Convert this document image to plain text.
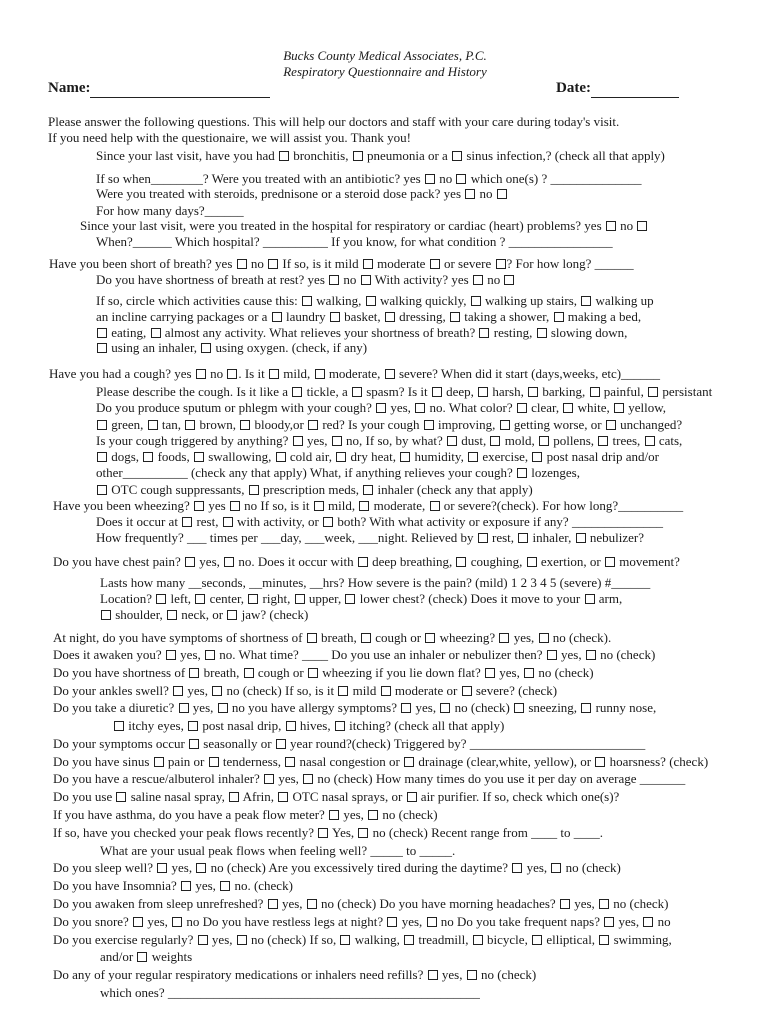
Bucks County Medical Associates, P.C.
Respiratory Questionnaire and History
Name:	Date:
Please answer the following questions. This will help our doctors and staff with your care during today's visit.
If you need help with the questionaire, we will assist you. Thank you!
Since your last visit, have you had  bronchitis,  pneumonia or a  sinus infection,? (check all that apply)
If so when________? Were you treated with an antibiotic? yes  no  which one(s) ? ______________
Were you treated with steroids, prednisone or a steroid dose pack? yes  no
For how many days?______
Since your last visit, were you treated in the hospital for respiratory or cardiac (heart) problems? yes  no
When?______ Which hospital? __________ If you know, for what condition ? ________________
Have you been short of breath? yes  no  If so, is it mild  moderate  or severe ? For how long? ______
Do you have shortness of breath at rest? yes  no  With activity? yes  no
If so, circle which activities cause this:  walking,  walking quickly,  walking up stairs,  walking up
an incline carrying packages or a  laundry  basket,  dressing,  taking a shower,  making a bed,
eating,  almost any activity. What relieves your shortness of breath?  resting,  slowing down,
using an inhaler,  using oxygen. (check, if any)
Have you had a cough? yes  no . Is it  mild,  moderate,  severe? When did it start (days,weeks, etc)______
Please describe the cough. Is it like a  tickle, a  spasm? Is it  deep,  harsh,  barking,  painful,  persistant
Do you produce sputum or phlegm with your cough?  yes,  no. What color?  clear,  white,  yellow,
green,  tan,  brown,  bloody,or  red? Is your cough  improving,  getting worse, or  unchanged?
Is your cough triggered by anything?  yes,  no, If so, by what?  dust,  mold,  pollens,  trees,  cats,
dogs,  foods,  swallowing,  cold air,  dry heat,  humidity,  exercise,  post nasal drip and/or
other__________ (check any that apply) What, if anything relieves your cough?  lozenges,
OTC cough suppressants,  prescription meds,  inhaler (check any that apply)
Have you been wheezing?  yes  no If so, is it  mild,  moderate,  or severe?(check). For how long?__________
Does it occur at  rest,  with activity, or  both? With what activity or exposure if any? ______________
How frequently? ___ times per ___day, ___week, ___night. Relieved by  rest,  inhaler,  nebulizer?
Do you have chest pain?  yes,  no. Does it occur with  deep breathing,  coughing,  exertion, or  movement?
Lasts how many __seconds, __minutes, __hrs? How severe is the pain? (mild) 1 2 3 4 5 (severe) #______
Location?  left,  center,  right,  upper,  lower chest? (check) Does it move to your  arm,
shoulder,  neck, or  jaw? (check)
At night, do you have symptoms of shortness of  breath,  cough or  wheezing?  yes,  no (check).
Does it awaken you?  yes,  no. What time? ____ Do you use an inhaler or nebulizer then?  yes,  no (check)
Do you have shortness of  breath,  cough or  wheezing if you lie down flat?  yes,  no (check)
Do your ankles swell?  yes,  no (check) If so, is it  mild  moderate or  severe? (check)
Do you take a diuretic?  yes,  no you have allergy symptoms?  yes,  no (check)  sneezing,  runny nose,
itchy eyes,  post nasal drip,  hives,  itching? (check all that apply)
Do your symptoms occur  seasonally or  year round?(check) Triggered by? ___________________________
Do you have sinus  pain or  tenderness,  nasal congestion or  drainage (clear,white, yellow), or  hoarsness? (check)
Do you have a rescue/albuterol inhaler?  yes,  no (check) How many times do you use it per day on average _______
Do you use  saline nasal spray,  Afrin,  OTC nasal sprays, or  air purifier. If so, check which one(s)?
If you have asthma, do you have a peak flow meter?  yes,  no (check)
If so, have you checked your peak flows recently?  Yes,  no (check) Recent range from ____ to ____.
What are your usual peak flows when feeling well? _____ to _____.
Do you sleep well?  yes,  no (check) Are you excessively tired during the daytime?  yes,  no (check)
Do you have Insomnia?  yes,  no. (check)
Do you awaken from sleep unrefreshed?  yes,  no (check) Do you have morning headaches?  yes,  no (check)
Do you snore?  yes,  no Do you have restless legs at night?  yes,  no Do you take frequent naps?  yes,  no
Do you exercise regularly?  yes,  no (check) If so,  walking,  treadmill,  bicycle,  elliptical,  swimming,
and/or  weights
Do any of your regular respiratory medications or inhalers need refills?  yes,  no (check)
which ones? ________________________________________________
